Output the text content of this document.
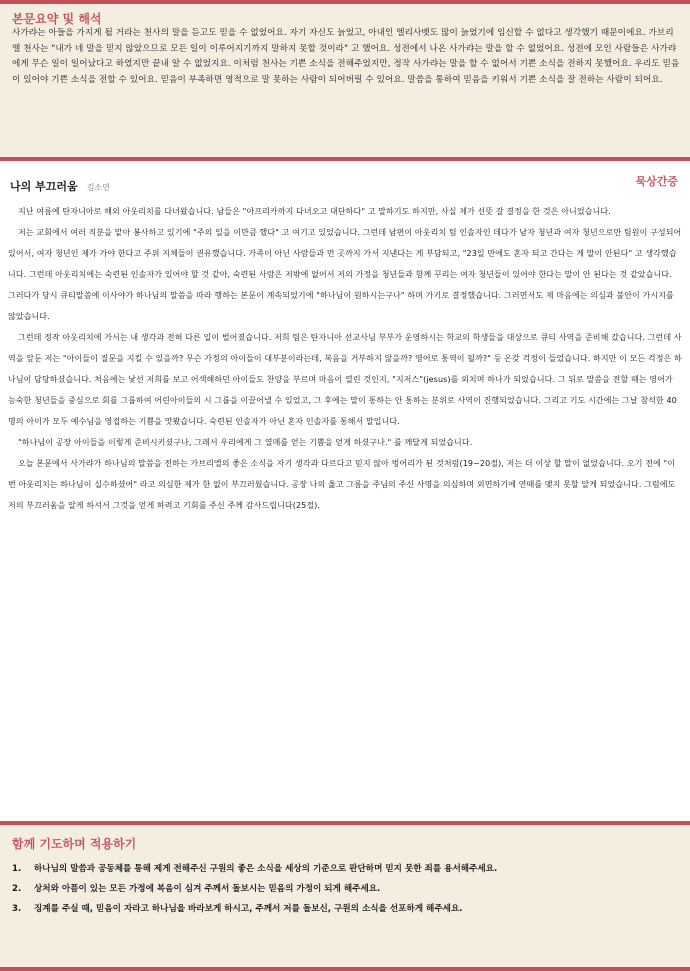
본문요약 및 해석

사가랴는 아들을 가지게 될 거라는 천사의 말을 듣고도 믿을 수 없었어요. 자기 자신도 늙었고, 아내인 엘리사벳도 많이 늙었기에 임신할 수 없다고 생각했기 때문이에요. 가브리엘 천사는 "내가 네 말을 믿지 않았으므로 모든 일이 이루어지기까지 말하지 못할 것이라" 고 했어요. 성전에서 나온 사가랴는 말을 할 수 없었어요. 성전에 모인 사람들은 사가랴에게 무슨 일이 일어났다고 하였지만 끝내 알 수 없었지요. 이처럼 천사는 기쁜 소식을 전해주었지만, 정작 사가랴는 말을 할 수 없어서 기쁜 소식을 전하지 못했어요. 우리도 믿음이 있어야 기쁜 소식을 전할 수 있어요. 믿음이 부족하면 영적으로 말 못하는 사람이 되어버릴 수 있어요. 말씀을 통하여 믿음을 키워서 기쁜 소식을 잘 전하는 사람이 되어요.

나의 부끄러움 김소연	묵상간증

지난 여름에 탄자니아로 해외 아웃리치를 다녀왔습니다. 남들은 "아프리카까지 다녀오고 대단하다" 고 말하기도 하지만, 사실 제가 선뜻 갈 결정을 한 것은 아니었습니다.

저는 교회에서 여러 직분을 맡아 봉사하고 있기에 "주의 일을 이만큼 했다" 고 여기고 있었습니다. 그런데 남편이 아웃리치 팀 인솔자인 데다가 남자 청년과 여자 청년으로만 팀원이 구성되어 있어서, 여자 청년인 제가 가야 한다고 주위 지체들이 권유했습니다. 가족이 아닌 사람들과 먼 곳까지 가서 지낸다는 게 부담되고, "23일 만에도 혼자 되고 간다는 게 말이 안된다" 고 생각했습니다. 그런데 아웃리치에는 숙련된 인솔자가 있어야 할 것 같아, 숙련된 사람은 저밖에 없어서 저의 가정을 청년들과 함께 꾸리는 여자 청년들이 있어야 한다는 말이 안 된다는 것 같았습니다. 그러다가 당시 큐티말씀에 이사야가 하나님의 말씀을 따라 행하는 본문이 계속되었기에 "하나님이 원하시는구나" 하며 가기로 결정했습니다. 그러면서도 제 마음에는 의심과 불안이 가시지를 않았습니다.

그런데 정작 아웃리치에 가서는 내 생각과 전혀 다른 일이 벌어졌습니다. 저희 팀은 탄자니아 선교사님 부부가 운영하시는 학교의 학생들을 대상으로 큐티 사역을 준비해 갔습니다. 그런데 사역을 앞둔 저는 "아이들이 질문을 지킬 수 있을까? 무슨 가정의 아이들이 대부분이라는데, 복음을 거부하지 않을까? 영어로 통역이 될까?" 등 온갖 걱정이 들었습니다. 하지만 이 모든 걱정은 하나님이 담당하셨습니다. 처음에는 낯선 저희를 보고 어색해하던 아이들도 찬양을 부르며 마음이 열린 것인지, "지저스"(jesus)를 외치며 하나가 되었습니다. 그 뒤로 말씀을 전할 때는 영어가 능숙한 청년들을 중심으로 회를 그룹하여 어린아이들의 시 그룹을 이끌어낼 수 있었고, 그 후에는 말이 통하는 안 통하는 분위로 사역이 진행되었습니다. 그리고 기도 시간에는 그날 참석한 40명의 아이가 모두 예수님을 영접하는 기쁨을 맛봤습니다. 숙련된 인솔자가 아닌 혼자 인솔자를 통해서 말입니다.

"하나님이 공장 아이들을 이렇게 준비시키셨구나, 그래서 우리에게 그 열매를 얻는 기쁨을 얻게 하셨구나." 를 깨달게 되었습니다.

오늘 본문에서 사가랴가 하나님의 말씀을 전하는 가브리엘의 좋은 소식을 자기 생각과 다르다고 믿지 않아 벙어리가 된 것처럼(19~20절), 저는 더 이상 할 말이 없었습니다. 오기 전에 "이번 아웃리치는 하나님이 실수하셨어" 라고 의심한 제가 한 없이 부끄러웠습니다. 공장 나의 옳고 그름을 주님의 주신 사명을 의심하며 외면하기에 연때를 맺지 못할 알게 되었습니다. 그럼에도 저의 부끄러움을 알게 하셔서 그것을 얻게 하려고 기회를 주신 주께 감사드립니다(25절).

함께 기도하며 적용하기
1.	하나님의 말씀과 공동체를 통해 제게 전해주신 구원의 좋은 소식을 세상의 기준으로 판단하며 믿지 못한 죄를 용서해주세요.
2.	상처와 아픔이 있는 모든 가정에 복음이 심겨 주께서 돌보시는 믿음의 가정이 되게 해주세요.
3.	징계를 주실 때, 믿음이 자라고 하나님을 바라보게 하시고, 주께서 저를 돌보신, 구원의 소식을 선포하게 해주세요.
